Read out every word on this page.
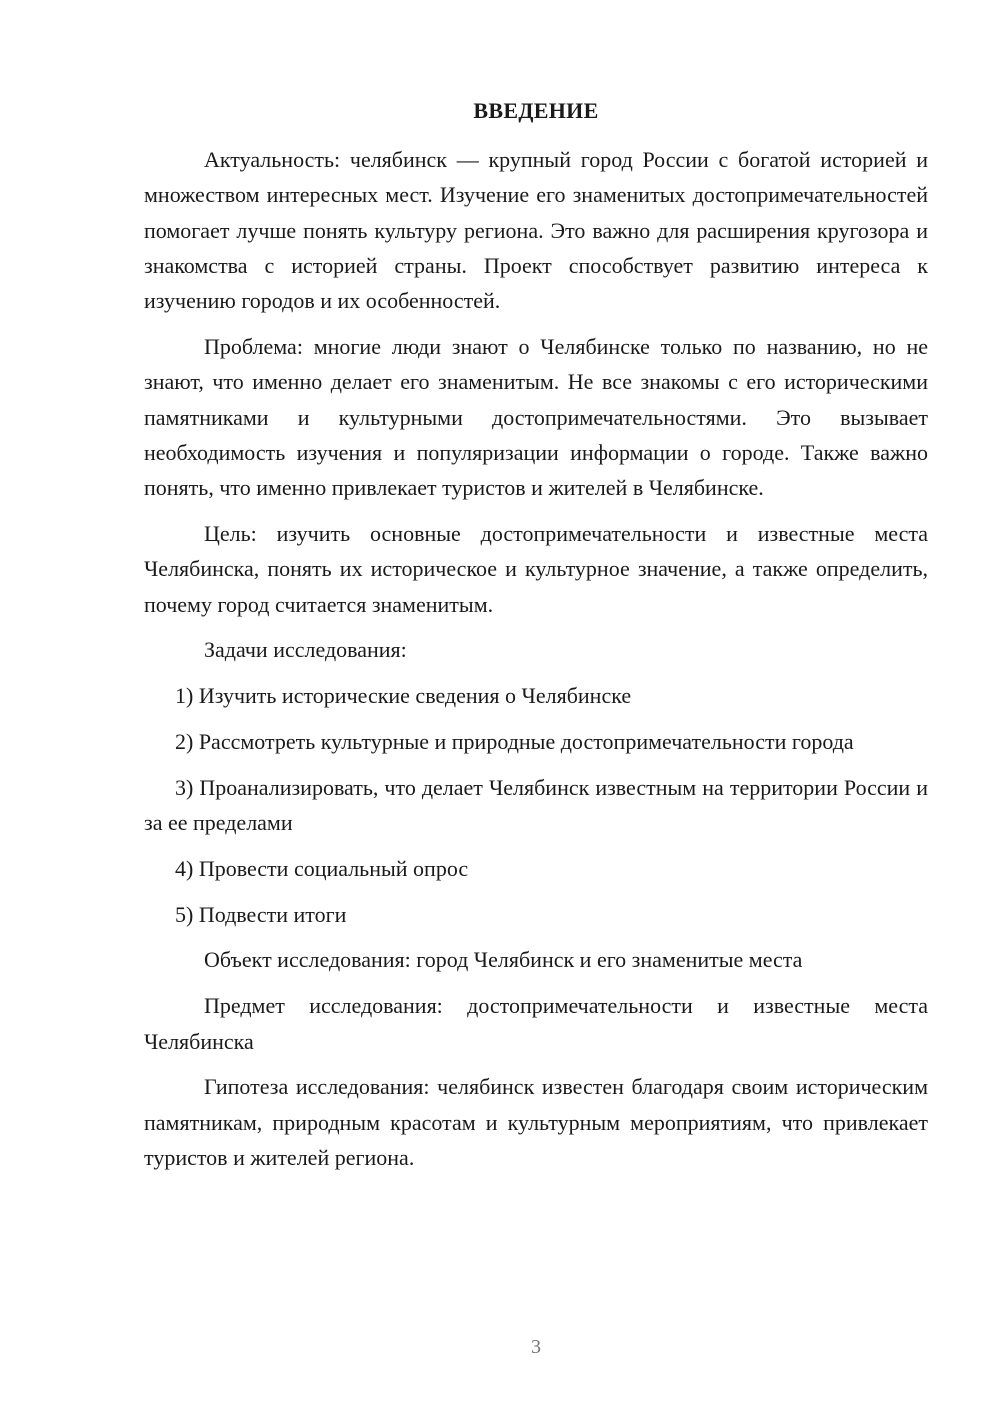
ВВЕДЕНИЕ

Актуальность: челябинск — крупный город России с богатой историей и множеством интересных мест. Изучение его знаменитых достопримечательностей помогает лучше понять культуру региона. Это важно для расширения кругозора и знакомства с историей страны. Проект способствует развитию интереса к изучению городов и их особенностей.

Проблема: многие люди знают о Челябинске только по названию, но не знают, что именно делает его знаменитым. Не все знакомы с его историческими памятниками и культурными достопримечательностями. Это вызывает необходимость изучения и популяризации информации о городе. Также важно понять, что именно привлекает туристов и жителей в Челябинске.

Цель: изучить основные достопримечательности и известные места Челябинска, понять их историческое и культурное значение, а также определить, почему город считается знаменитым.

Задачи исследования:

1) Изучить исторические сведения о Челябинске

2) Рассмотреть культурные и природные достопримечательности города

3) Проанализировать, что делает Челябинск известным на территории России и за ее пределами

4) Провести социальный опрос

5) Подвести итоги

Объект исследования: город Челябинск и его знаменитые места

Предмет исследования: достопримечательности и известные места Челябинска

Гипотеза исследования: челябинск известен благодаря своим историческим памятникам, природным красотам и культурным мероприятиям, что привлекает туристов и жителей региона.

3
